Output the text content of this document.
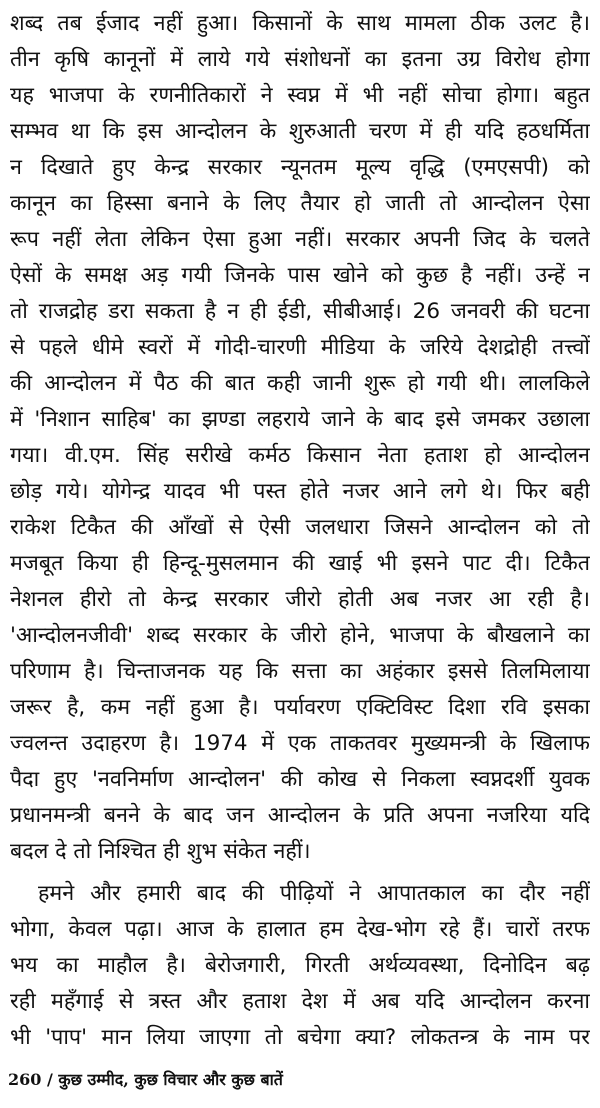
शब्द तब ईजाद नहीं हुआ। किसानों के साथ मामला ठीक उलट है।
तीन कृषि कानूनों में लाये गये संशोधनों का इतना उग्र विरोध होगा
यह भाजपा के रणनीतिकारों ने स्वप्न में भी नहीं सोचा होगा। बहुत
सम्भव था कि इस आन्दोलन के शुरुआती चरण में ही यदि हठधर्मिता
न दिखाते हुए केन्द्र सरकार न्यूनतम मूल्य वृद्धि (एमएसपी) को
कानून का हिस्सा बनाने के लिए तैयार हो जाती तो आन्दोलन ऐसा
रूप नहीं लेता लेकिन ऐसा हुआ नहीं। सरकार अपनी जिद के चलते
ऐसों के समक्ष अड़ गयी जिनके पास खोने को कुछ है नहीं। उन्हें न
तो राजद्रोह डरा सकता है न ही ईडी, सीबीआई। 26 जनवरी की घटना
से पहले धीमे स्वरों में गोदी-चारणी मीडिया के जरिये देशद्रोही तत्त्वों
की आन्दोलन में पैठ की बात कही जानी शुरू हो गयी थी। लालकिले
में 'निशान साहिब' का झण्डा लहराये जाने के बाद इसे जमकर उछाला
गया। वी.एम. सिंह सरीखे कर्मठ किसान नेता हताश हो आन्दोलन
छोड़ गये। योगेन्द्र यादव भी पस्त होते नजर आने लगे थे। फिर बही
राकेश टिकैत की आँखों से ऐसी जलधारा जिसने आन्दोलन को तो
मजबूत किया ही हिन्दू-मुसलमान की खाई भी इसने पाट दी। टिकैत
नेशनल हीरो तो केन्द्र सरकार जीरो होती अब नजर आ रही है।
'आन्दोलनजीवी' शब्द सरकार के जीरो होने, भाजपा के बौखलाने का
परिणाम है। चिन्ताजनक यह कि सत्ता का अहंकार इससे तिलमिलाया
जरूर है, कम नहीं हुआ है। पर्यावरण एक्टिविस्ट दिशा रवि इसका
ज्वलन्त उदाहरण है। 1974 में एक ताकतवर मुख्यमन्त्री के खिलाफ
पैदा हुए 'नवनिर्माण आन्दोलन' की कोख से निकला स्वप्नदर्शी युवक
प्रधानमन्त्री बनने के बाद जन आन्दोलन के प्रति अपना नजरिया यदि
बदल दे तो निश्चित ही शुभ संकेत नहीं।
हमने और हमारी बाद की पीढ़ियों ने आपातकाल का दौर नहीं
भोगा, केवल पढ़ा। आज के हालात हम देख-भोग रहे हैं। चारों तरफ
भय का माहौल है। बेरोजगारी, गिरती अर्थव्यवस्था, दिनोदिन बढ़
रही महँगाई से त्रस्त और हताश देश में अब यदि आन्दोलन करना
भी 'पाप' मान लिया जाएगा तो बचेगा क्या? लोकतन्त्र के नाम पर
260 / कुछ उम्मीद, कुछ विचार और कुछ बातें
